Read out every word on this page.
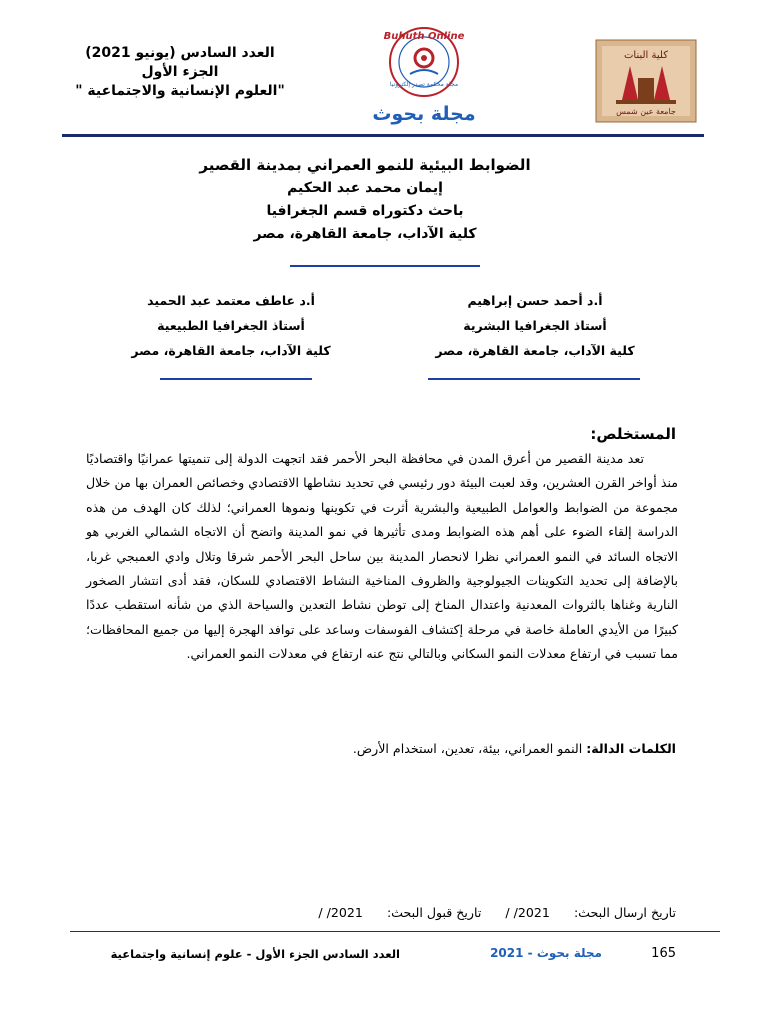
العدد السادس (يونيو 2021)
الجزء الأول
"العلوم الإنسانية والاجتماعية "
Buhuth Online
مجلة محكمة تصدر إلكترونيا
مجلة بحوث
كلية البنات
جامعة عين شمس
الضوابط البيئية للنمو العمراني بمدينة القصير
إيمان محمد عبد الحكيم
باحث دكتوراه قسم الجغرافيا
كلية الآداب، جامعة القاهرة، مصر
أ.د أحمد حسن إبراهيم
أستاذ الجغرافيا البشرية
كلية الآداب، جامعة القاهرة، مصر
أ.د عاطف معتمد عبد الحميد
أستاذ الجغرافيا الطبيعية
كلية الآداب، جامعة القاهرة، مصر
المستخلص:

تعد مدينة القصير من أعرق المدن في محافظة البحر الأحمر فقد اتجهت الدولة إلى تنميتها عمرانيًا واقتصاديًا منذ أواخر القرن العشرين، وقد لعبت البيئة دور رئيسي في تحديد نشاطها الاقتصادي وخصائص العمران بها من خلال مجموعة من الضوابط والعوامل الطبيعية والبشرية أثرت في تكوينها ونموها العمراني؛ لذلك كان الهدف من هذه الدراسة إلقاء الضوء على أهم هذه الضوابط ومدى تأثيرها في نمو المدينة واتضح أن الاتجاه الشمالي الغربي هو الاتجاه السائد في النمو العمراني نظرا لانحصار المدينة بين ساحل البحر الأحمر شرقا وتلال وادي العمبجي غربا، بالإضافة إلى تحديد التكوينات الجيولوجية والظروف المناخية النشاط الاقتصادي للسكان، فقد أدى انتشار الصخور النارية وغناها بالثروات المعدنية واعتدال المناخ إلى توطن نشاط التعدين والسياحة الذي من شأنه استقطب عددًا كبيرًا من الأيدي العاملة خاصة في مرحلة إكتشاف الفوسفات وساعد على توافد الهجرة إليها من جميع المحافظات؛ مما تسبب في ارتفاع معدلات النمو السكاني وبالتالي نتج عنه ارتفاع في معدلات النمو العمراني.

الكلمات الدالة: النمو العمراني، بيئة، تعدين، استخدام الأرض.
تاريخ ارسال البحث: / /2021 تاريخ قبول البحث: / /2021
العدد السادس الجزء الأول - علوم إنسانية واجتماعية	مجلة بحوث - 2021	165
